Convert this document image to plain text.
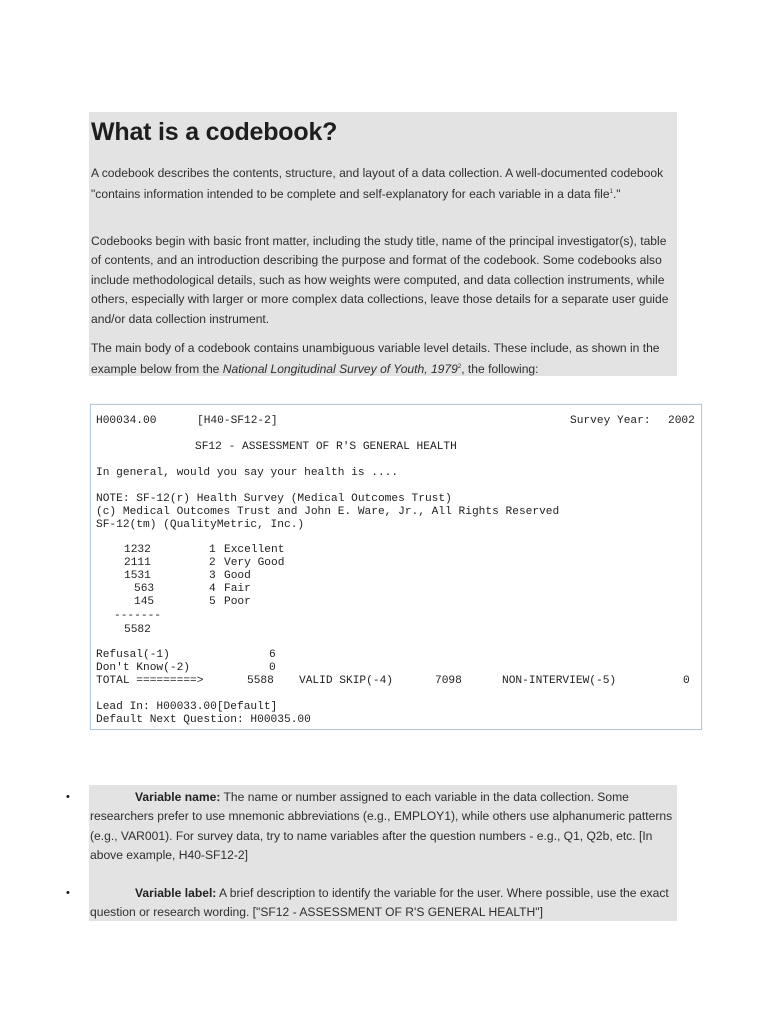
What is a codebook?

A codebook describes the contents, structure, and layout of a data collection. A well-documented codebook "contains information intended to be complete and self-explanatory for each variable in a data file$^1$."

Codebooks begin with basic front matter, including the study title, name of the principal investigator(s), table of contents, and an introduction describing the purpose and format of the codebook. Some codebooks also include methodological details, such as how weights were computed, and data collection instruments, while others, especially with larger or more complex data collections, leave those details for a separate user guide and/or data collection instrument.

The main body of a codebook contains unambiguous variable level details. These include, as shown in the example below from the National Longitudinal Survey of Youth, 1979$^2$, the following:

H00034.00	[H40-SF12-2]	Survey Year: 2002
SF12 - ASSESSMENT OF R'S GENERAL HEALTH
In general, would you say your health is ....
NOTE: SF-12(r) Health Survey (Medical Outcomes Trust)
(c) Medical Outcomes Trust and John E. Ware, Jr., All Rights Reserved
SF-12(tm) (QualityMetric, Inc.)
1232	1 Excellent
2111	2 Very Good
1531	3 Good
563	4 Fair
145	5 Poor
-------
5582
Refusal(-1)	6
Don't Know(-2)	0
TOTAL =========>	5588 VALID SKIP(-4)	7098	NON-INTERVIEW(-5)	0
Lead In: H00033.00[Default]
Default Next Question: H00035.00
•
•

Variable name: The name or number assigned to each variable in the data collection. Some researchers prefer to use mnemonic abbreviations (e.g., EMPLOY1), while others use alphanumeric patterns (e.g., VAR001). For survey data, try to name variables after the question numbers - e.g., Q1, Q2b, etc. [In above example, H40-SF12-2]

Variable label: A brief description to identify the variable for the user. Where possible, use the exact question or research wording. ["SF12 - ASSESSMENT OF R'S GENERAL HEALTH"]
